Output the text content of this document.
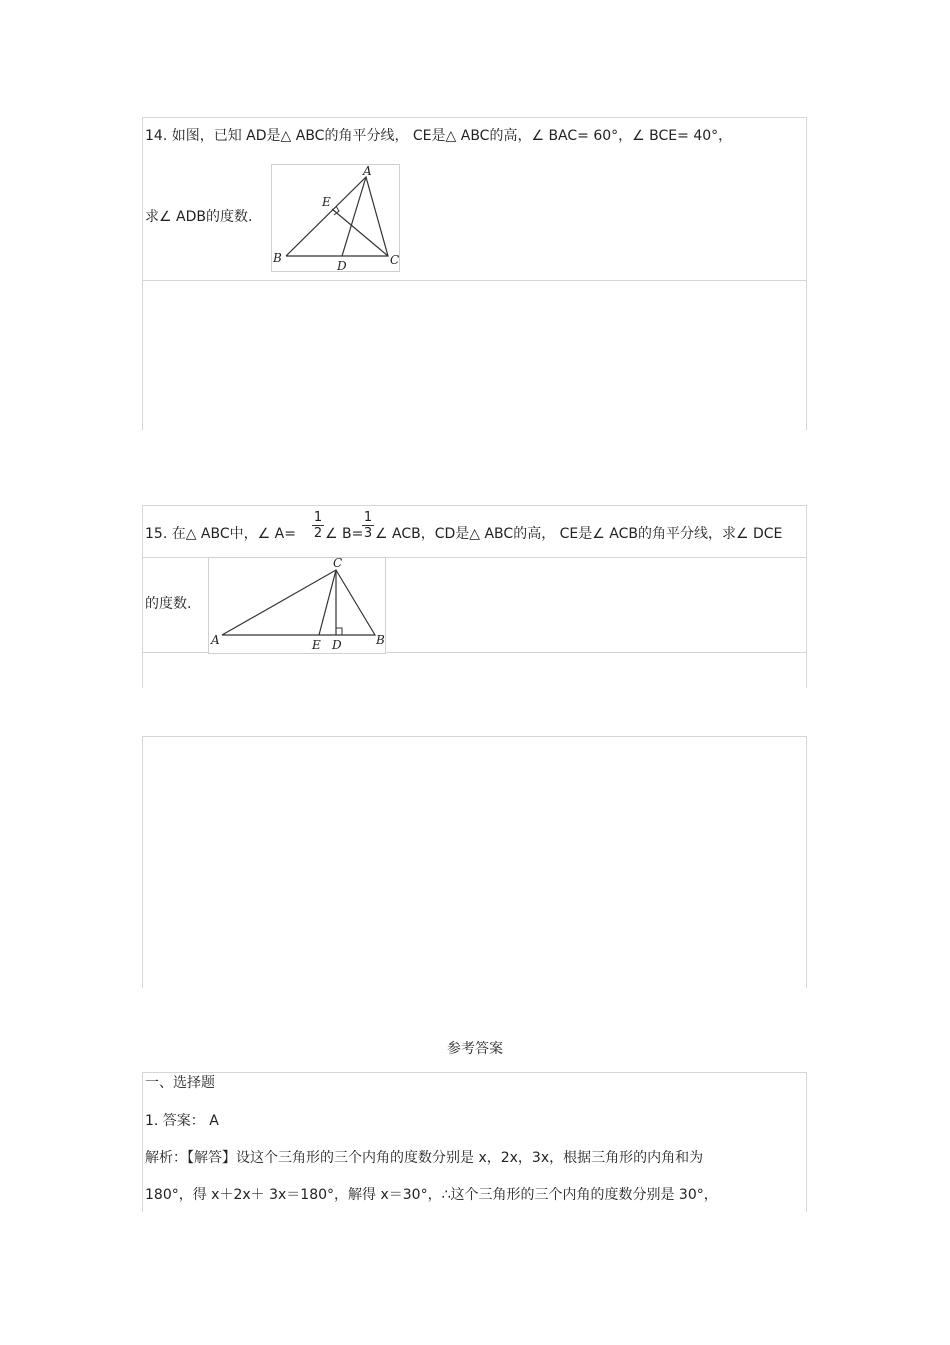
14. 如图，已知 AD是△ ABC的角平分线， CE是△ ABC的高，∠ BAC= 60°，∠ BCE= 40°，
求∠ ADB的度数.
A
B	C
D
E
15. 在△ ABC中，∠ $A= \frac{1}{2}$ ∠ B=
$\frac{1}{3}$ ∠ ACB，CD是△ ABC的高， CE是∠ ACB的角平分线，求∠ DCE
的度数.
C
A	B
E D
参考答案
一、选择题
1. 答案： A
解析：【解答】设这个三角形的三个内角的度数分别是 x，2x，3x，根据三角形的内角和为
180°，得 x＋2x＋ 3x＝180°，解得 x＝30°，∴这个三角形的三个内角的度数分别是 30°，
